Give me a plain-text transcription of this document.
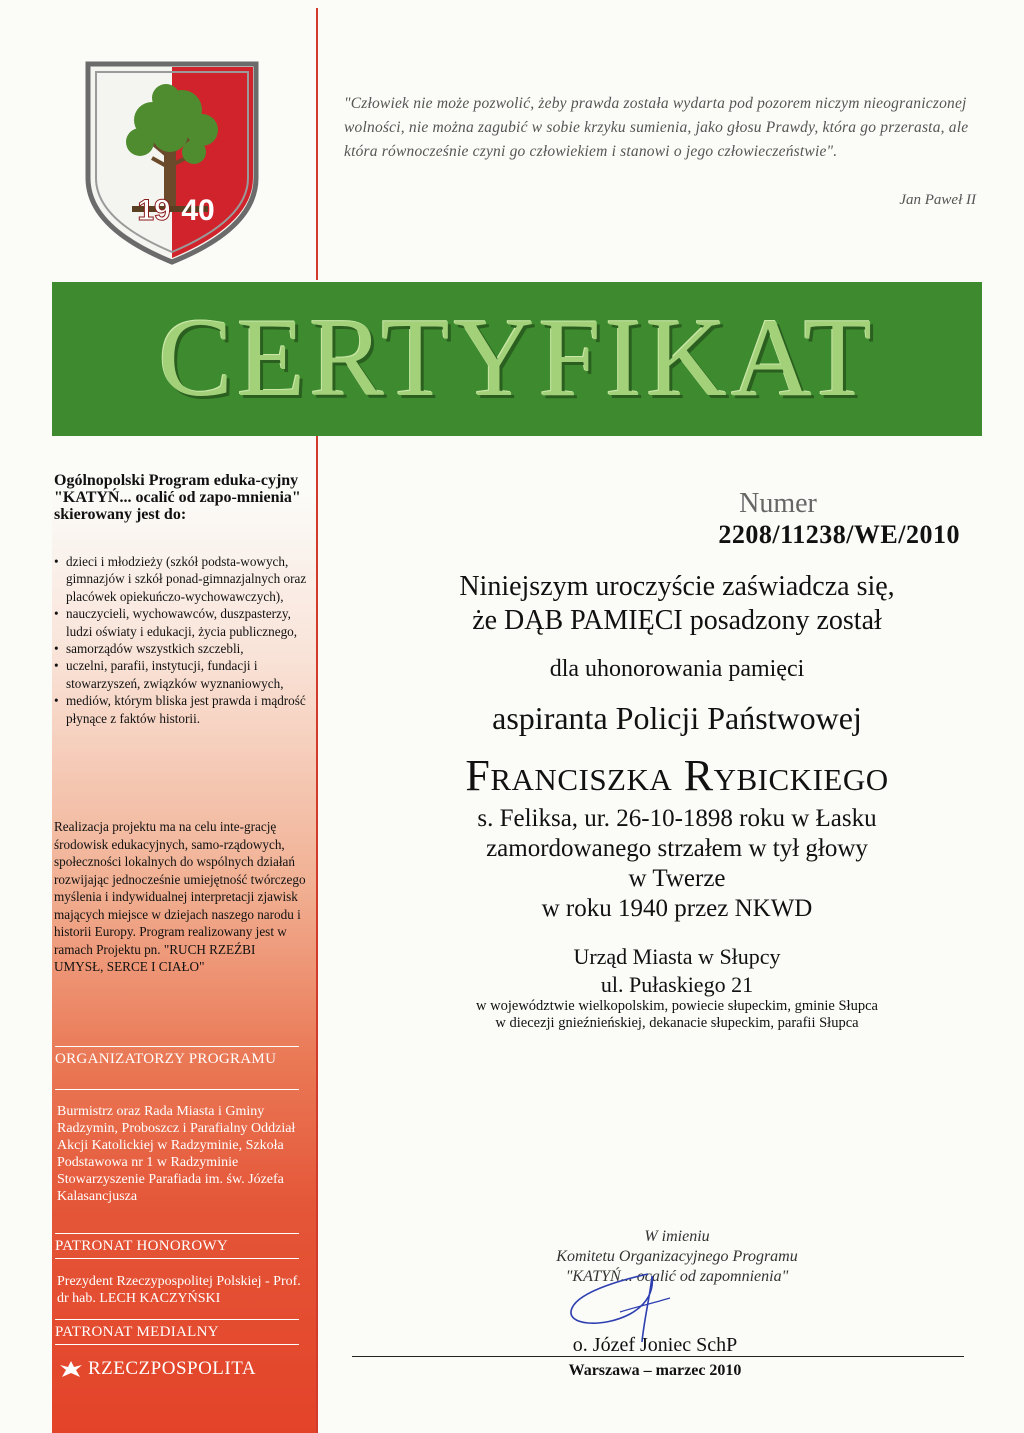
19 40
"Człowiek nie może pozwolić, żeby prawda została wydarta pod pozorem niczym nieograniczonej wolności, nie można zagubić w sobie krzyku sumienia, jako głosu Prawdy, która go przerasta, ale która równocześnie czyni go człowiekiem i stanowi o jego człowieczeństwie".
Jan Paweł II
CERTYFIKAT
Ogólnopolski Program eduka-cyjny "KATYŃ... ocalić od zapo-mnienia" skierowany jest do:
• dzieci i młodzieży (szkół podsta-wowych, gimnazjów i szkół ponad-gimnazjalnych oraz placówek opiekuńczo-wychowawczych),
• nauczycieli, wychowawców, duszpasterzy, ludzi oświaty i edukacji, życia publicznego,
• samorządów wszystkich szczebli,
• uczelni, parafii, instytucji, fundacji i stowarzyszeń, związków wyznaniowych,
• mediów, którym bliska jest prawda i mądrość płynące z faktów historii.
Realizacja projektu ma na celu inte-grację środowisk edukacyjnych, samo-rządowych, społeczności lokalnych do wspólnych działań rozwijając jednocześnie umiejętność twórczego myślenia i indywidualnej interpretacji zjawisk mających miejsce w dziejach naszego narodu i historii Europy. Program realizowany jest w ramach Projektu pn. "RUCH RZEŹBI UMYSŁ, SERCE I CIAŁO"
ORGANIZATORZY PROGRAMU
Burmistrz oraz Rada Miasta i Gminy Radzymin, Proboszcz i Parafialny Oddział Akcji Katolickiej w Radzyminie, Szkoła Podstawowa nr 1 w Radzyminie Stowarzyszenie Parafiada im. św. Józefa Kalasancjusza
PATRONAT HONOROWY
Prezydent Rzeczypospolitej Polskiej - Prof. dr hab. LECH KACZYŃSKI
PATRONAT MEDIALNY
RZECZPOSPOLITA
Numer
2208/11238/WE/2010
Niniejszym uroczyście zaświadcza się,
że DĄB PAMIĘCI posadzony został
dla uhonorowania pamięci
aspiranta Policji Państwowej
Franciszka Rybickiego
s. Feliksa, ur. 26-10-1898 roku w Łasku
zamordowanego strzałem w tył głowy
w Twerze
w roku 1940 przez NKWD
Urząd Miasta w Słupcy
ul. Pułaskiego 21
w województwie wielkopolskim, powiecie słupeckim, gminie Słupca
w diecezji gnieźnieńskiej, dekanacie słupeckim, parafii Słupca
W imieniu
Komitetu Organizacyjnego Programu
"KATYŃ... ocalić od zapomnienia"
o. Józef Joniec SchP
Warszawa – marzec 2010
